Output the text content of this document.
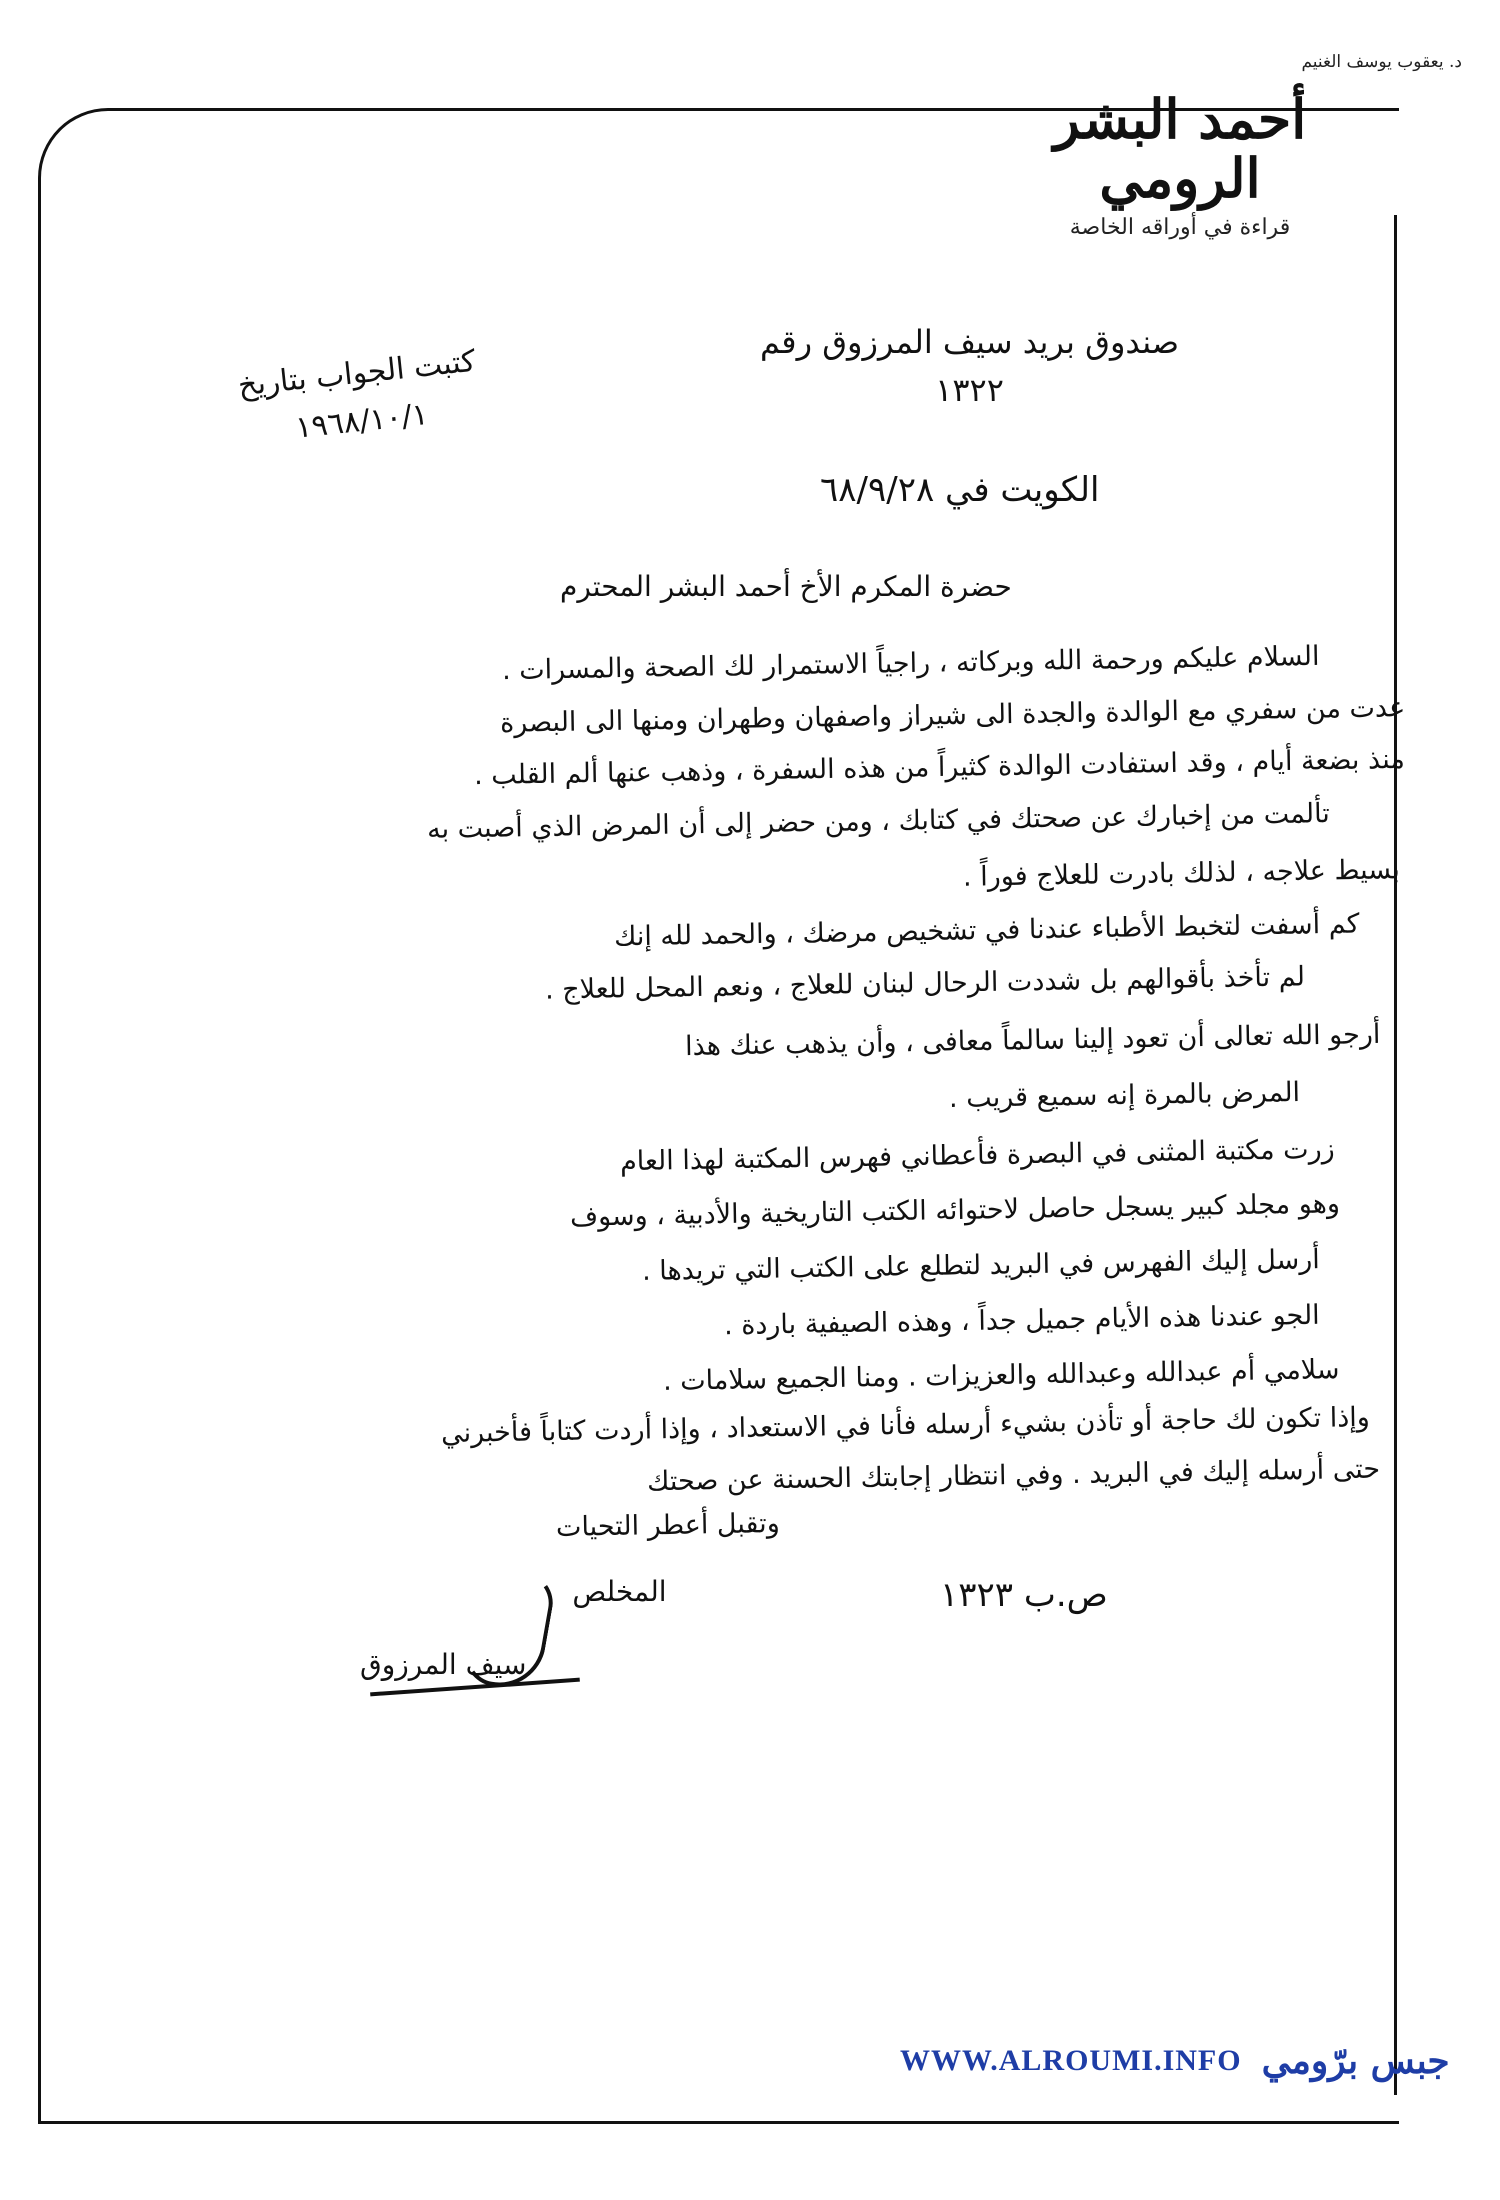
د. يعقوب يوسف الغنيم
أحمد البشر الرومي
قراءة في أوراقه الخاصة
كتبت الجواب بتاريخ
١٩٦٨/١٠/١
صندوق بريد سيف المرزوق رقم
١٣٢٢
الكويت في ٦٨/٩/٢٨
حضرة المكرم الأخ أحمد البشر المحترم
السلام عليكم ورحمة الله وبركاته ، راجياً الاستمرار لك الصحة والمسرات .
عدت من سفري مع الوالدة والجدة الى شيراز واصفهان وطهران ومنها الى البصرة
منذ بضعة أيام ، وقد استفادت الوالدة كثيراً من هذه السفرة ، وذهب عنها ألم القلب .
تألمت من إخبارك عن صحتك في كتابك ، ومن حضر إلى أن المرض الذي أصبت به
بسيط علاجه ، لذلك بادرت للعلاج فوراً .
كم أسفت لتخبط الأطباء عندنا في تشخيص مرضك ، والحمد لله إنك
لم تأخذ بأقوالهم بل شددت الرحال لبنان للعلاج ، ونعم المحل للعلاج .
أرجو الله تعالى أن تعود إلينا سالماً معافى ، وأن يذهب عنك هذا
المرض بالمرة إنه سميع قريب .
زرت مكتبة المثنى في البصرة فأعطاني فهرس المكتبة لهذا العام
وهو مجلد كبير يسجل حاصل لاحتوائه الكتب التاريخية والأدبية ، وسوف
أرسل إليك الفهرس في البريد لتطلع على الكتب التي تريدها .
الجو عندنا هذه الأيام جميل جداً ، وهذه الصيفية باردة .
سلامي أم عبدالله وعبدالله والعزيزات . ومنا الجميع سلامات .
وإذا تكون لك حاجة أو تأذن بشيء أرسله فأنا في الاستعداد ، وإذا أردت كتاباً فأخبرني
حتى أرسله إليك في البريد . وفي انتظار إجابتك الحسنة عن صحتك
وتقبل أعطر التحيات
المخلص
سيف المرزوق
ص.ب ١٣٢٣
WWW.ALROUMI.INFO جبس برّومي
